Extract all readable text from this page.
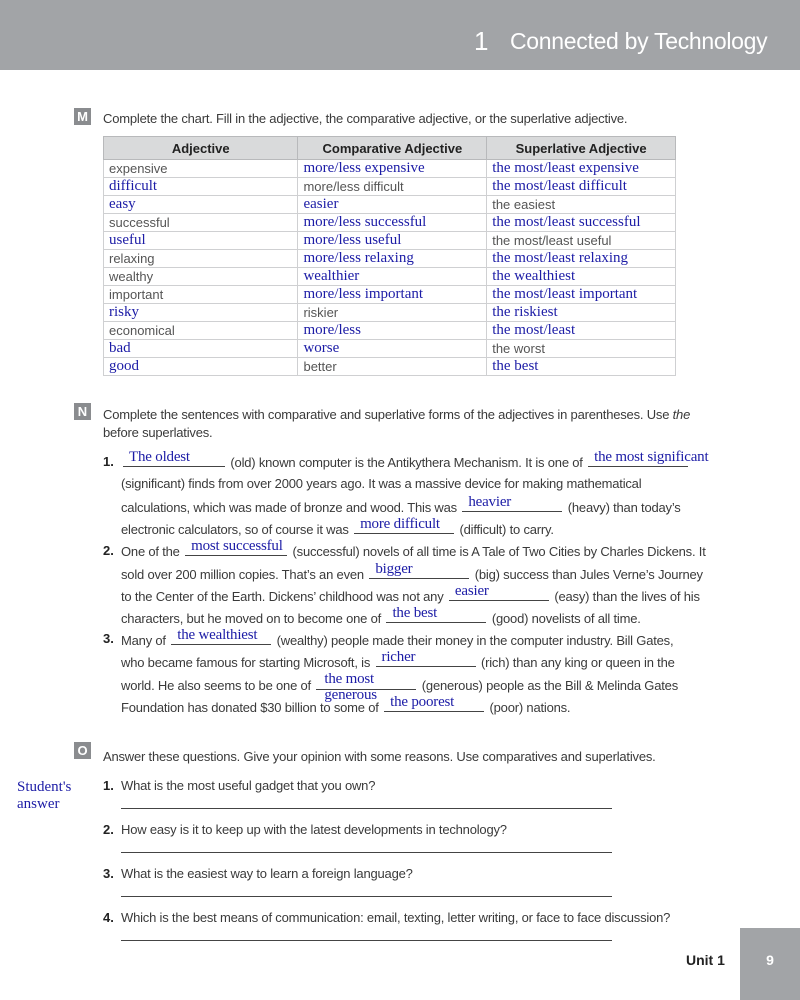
1 Connected by Technology
M Complete the chart. Fill in the adjective, the comparative adjective, or the superlative adjective.
Adjective	Comparative Adjective	Superlative Adjective
expensive	more/less expensive	the most/least expensive
difficult	more/less difficult	the most/least difficult
easy	easier	the easiest
successful	more/less successful	the most/least successful
useful	more/less useful	the most/least useful
relaxing	more/less relaxing	the most/least relaxing
wealthy	wealthier	the wealthiest
important	more/less important	the most/least important
risky	riskier	the riskiest
economical	more/less	the most/least
bad	worse	the worst
good	better	the best
N Complete the sentences with comparative and superlative forms of the adjectives in parentheses. Use the
before superlatives.
1.
2.
3.
The oldest	(old) known computer is the Antikythera Mechanism. It is one of the most significant
(significant) finds from over 2000 years ago. It was a massive device for making mathematical
calculations, which was made of bronze and wood. This was heavier	(heavy) than today’s
electronic calculators, so of course it was more difficult (difficult) to carry.
One of the most successful (successful) novels of all time is A Tale of Two Cities by Charles Dickens. It
sold over 200 million copies. That’s an even bigger	(big) success than Jules Verne’s Journey
to the Center of the Earth. Dickens’ childhood was not any easier	(easy) than the lives of his
characters, but he moved on to become one of the best	(good) novelists of all time.
Many of the wealthiest (wealthy) people made their money in the computer industry. Bill Gates,
who became famous for starting Microsoft, is richer	(rich) than any king or queen in the
world. He also seems to be one of the most generous
(generous) people as the Bill & Melinda Gates
Foundation has donated $30 billion to some of the poorest (poor) nations.
O Answer these questions. Give your opinion with some reasons. Use comparatives and superlatives.
Student's answer
1. What is the most useful gadget that you own?
2. How easy is it to keep up with the latest developments in technology?
3. What is the easiest way to learn a foreign language?
4. Which is the best means of communication: email, texting, letter writing, or face to face discussion?
Unit 1	9
